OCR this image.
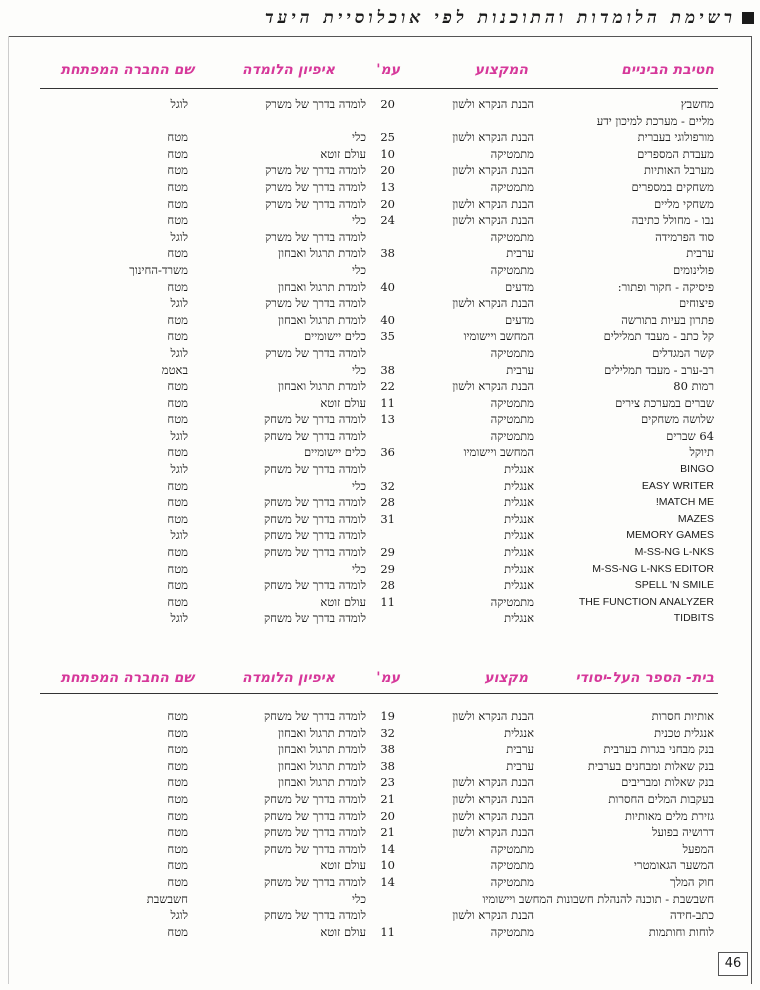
רשימת הלומדות והתוכנות לפי אוכלוסיית היעד
חטיבת הביניים
המקצוע
עמ'
איפיון הלומדה
שם החברה המפתחת
מחשבץ
הבנת הנקרא ולשון
20
לומדה בדרך של משרק
לוגל
מליים - מערכת למיכון ידע
מורפולוגי בעברית
הבנת הנקרא ולשון
25
כלי
מטח
מעבדת המספרים
מתמטיקה
10
עולם זוטא
מטח
מערבל האותיות
הבנת הנקרא ולשון
20
לומדה בדרך של משרק
מטח
משחקים במספרים
מתמטיקה
13
לומדה בדרך של משרק
מטח
משחקי מליים
הבנת הנקרא ולשון
20
לומדה בדרך של משרק
מטח
נבו - מחולל כתיבה
הבנת הנקרא ולשון
24
כלי
מטח
סוד הפרמידה
מתמטיקה
לומדה בדרך של משרק
לוגל
ערבית
ערבית
38
לומדת תרגול ואבחון
מטח
פולינומים
מתמטיקה
כלי
משרד-החינוך
פיסיקה - חקור ופתור:
מדעים
40
לומדת תרגול ואבחון
מטח
פיצוחים
הבנת הנקרא ולשון
לומדה בדרך של משרק
לוגל
פתרון בעיות בתורשה
מדעים
40
לומדת תרגול ואבחון
מטח
קל כתב - מעבד תמלילים
המחשב ויישומיו
35
כלים יישומיים
מטח
קשר המגדלים
מתמטיקה
לומדה בדרך של משרק
לוגל
רב-ערב - מעבד תמלילים
ערבית
38
כלי
באטמ
רמות 80
הבנת הנקרא ולשון
22
לומדת תרגול ואבחון
מטח
שברים במערכת צירים
מתמטיקה
11
עולם זוטא
מטח
שלושה משחקים
מתמטיקה
13
לומדה בדרך של משחק
מטח
64 שברים
מתמטיקה
לומדה בדרך של משחק
לוגל
תיוקל
המחשב ויישומיו
36
כלים יישומיים
מטח
BINGO
אנגלית
לומדה בדרך של משחק
לוגל
EASY WRITER
אנגלית
32
כלי
מטח
MATCH ME!
אנגלית
28
לומדה בדרך של משחק
מטח
MAZES
אנגלית
31
לומדה בדרך של משחק
מטח
MEMORY GAMES
אנגלית
לומדה בדרך של משחק
לוגל
M-SS-NG L-NKS
אנגלית
29
לומדה בדרך של משחק
מטח
M-SS-NG L-NKS EDITOR
אנגלית
29
כלי
מטח
SPELL 'N SMILE
אנגלית
28
לומדה בדרך של משחק
מטח
THE FUNCTION ANALYZER
מתמטיקה
11
עולם זוטא
מטח
TIDBITS
אנגלית
לומדה בדרך של משחק
לוגל
בית- הספר העל-יסודי
מקצוע
עמ'
איפיון הלומדה
שם החברה המפתחת
אותיות חסרות
הבנת הנקרא ולשון
19
לומדה בדרך של משחק
מטח
אנגלית טכנית
אנגלית
32
לומדת תרגול ואבחון
מטח
בנק מבחני בגרות בערבית
ערבית
38
לומדת תרגול ואבחון
מטח
בנק שאלות ומבחנים בערבית
ערבית
38
לומדת תרגול ואבחון
מטח
בנק שאלות ומבריבים
הבנת הנקרא ולשון
23
לומדת תרגול ואבחון
מטח
בעקבות המלים החסרות
הבנת הנקרא ולשון
21
לומדה בדרך של משחק
מטח
גזירת מלים מאותיות
הבנת הנקרא ולשון
20
לומדה בדרך של משחק
מטח
דרושיה בפועל
הבנת הנקרא ולשון
21
לומדה בדרך של משחק
מטח
המפעל
מתמטיקה
14
לומדה בדרך של משחק
מטח
המשער הגאומטרי
מתמטיקה
10
עולם זוטא
מטח
חוק המלך
מתמטיקה
14
לומדה בדרך של משחק
מטח
חשבשבת - תוכנה להנהלת חשבונות המחשב ויישומיו
כלי
חשבשבת
כתב-חידה
הבנת הנקרא ולשון
לומדה בדרך של משחק
לוגל
לוחות וחותמות
מתמטיקה
11
עולם זוטא
מטח
46
